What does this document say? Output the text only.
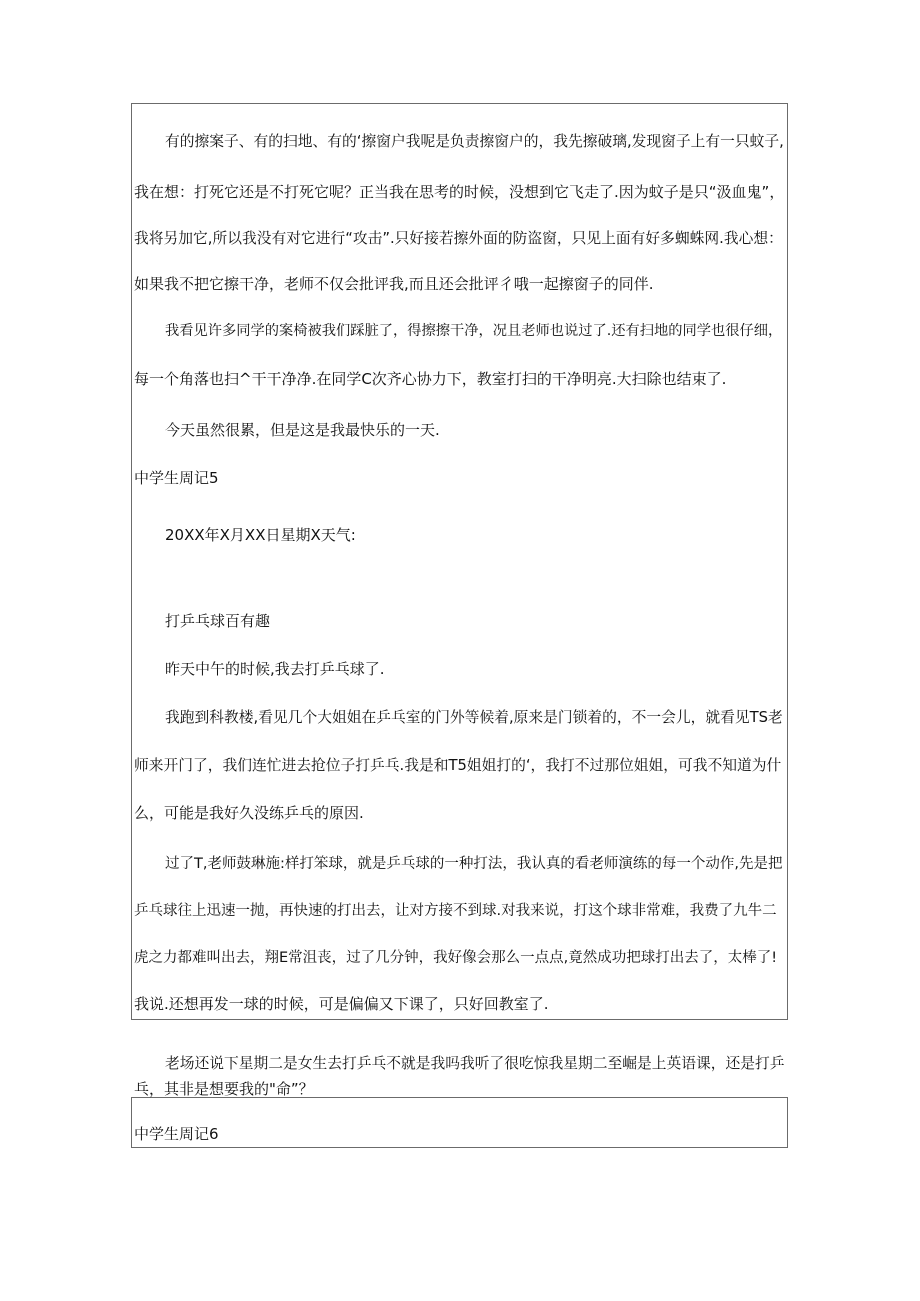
有的擦案子、有的扫地、有的‘擦窗户我呢是负责擦窗户的，我先擦破璃,发现窗子上有一只蚊子,
我在想：打死它还是不打死它呢？正当我在思考的时候，没想到它飞走了.因为蚊子是只“汲血鬼”，
我将另加它,所以我没有对它进行“攻击”.只好接若擦外面的防盗窗，只见上面有好多蜘蛛网.我心想：
如果我不把它擦干净，老师不仅会批评我,而且还会批评彳哦一起擦窗子的同伴.
我看见许多同学的案椅被我们踩脏了，得擦擦干净，况且老师也说过了.还有扫地的同学也很仔细，
每一个角落也扫^干干净净.在同学C次齐心协力下，教室打扫的干净明亮.大扫除也结束了.
今天虽然很累，但是这是我最快乐的一天.
中学生周记5
20XX年X月XX日星期X天气:
打乒乓球百有趣
昨天中午的时候,我去打乒乓球了.
我跑到科教楼,看见几个大姐姐在乒乓室的门外等候着,原来是门锁着的，不一会儿，就看见TS老
师来开门了，我们连忙进去抢位子打乒乓.我是和T5姐姐打的‘，我打不过那位姐姐，可我不知道为什
么，可能是我好久没练乒乓的原因.
过了T,老师鼓琳施:样打笨球，就是乒乓球的一种打法，我认真的看老师演练的每一个动作,先是把
乒乓球往上迅速一抛，再快速的打出去，让对方接不到球.对我来说，打这个球非常难，我费了九牛二
虎之力都难叫出去，翔E常沮丧，过了几分钟，我好像会那么一点点,竟然成功把球打出去了，太棒了!
我说.还想再发一球的时候，可是偏偏又下课了，只好回教室了.
老场还说下星期二是女生去打乒乓不就是我吗我听了很吃惊我星期二至崛是上英语课，还是打乒
乓，其非是想要我的"命”？
中学生周记6
